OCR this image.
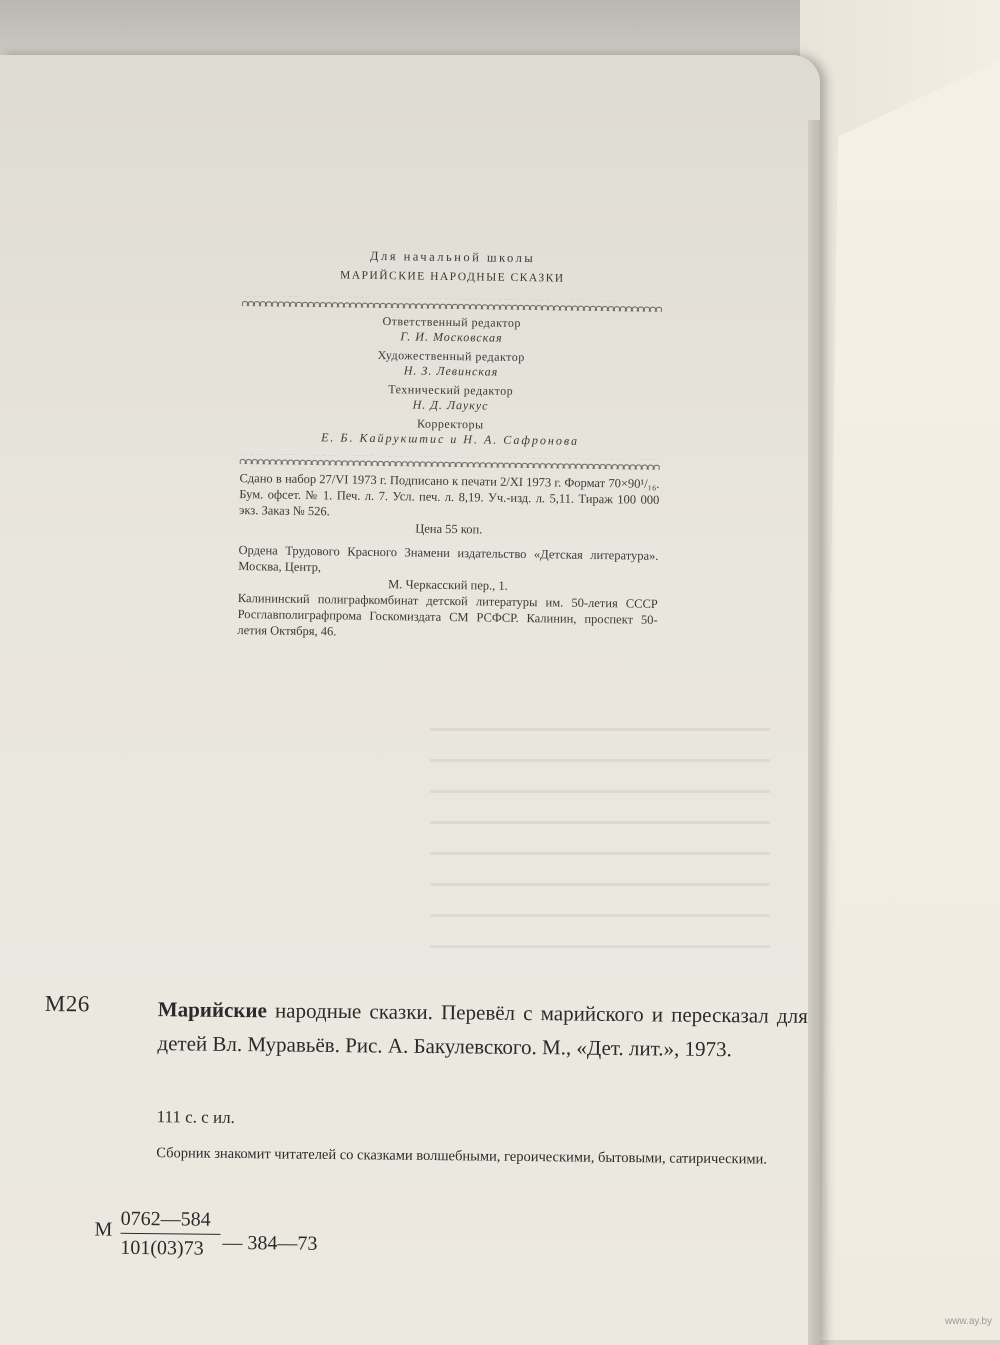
Для начальной школы
МАРИЙСКИЕ НАРОДНЫЕ СКАЗКИ
Ответственный редактор
Г. И. Московская
Художественный редактор
Н. З. Левинская
Технический редактор
Н. Д. Лаукус
Корректоры
Е. Б. Кайрукштис и Н. А. Сафронова
Сдано в набор 27/VI 1973 г. Подписано к печати 2/XI 1973 г. Формат 70×90¹/₁₆. Бум. офсет. № 1. Печ. л. 7. Усл. печ. л. 8,19. Уч.-изд. л. 5,11. Тираж 100 000 экз. Заказ № 526.
Цена 55 коп.
Ордена Трудового Красного Знамени издательство «Детская литература». Москва, Центр,
М. Черкасский пер., 1.
Калининский полиграфкомбинат детской литературы им. 50-летия СССР Росглавполиграфпрома Госкомиздата СМ РСФСР. Калинин, проспект 50-летия Октября, 46.
М26	Марийские народные сказки. Перевёл с марийского и пересказал для детей Вл. Муравьёв. Рис. А. Бакулевского. М., «Дет. лит.», 1973.
111 с. с ил.
Сборник знакомит читателей со сказками волшебными, героическими, бытовыми, сатирическими.
М 0762—584
101(03)73 — 384—73
www.ay.by
